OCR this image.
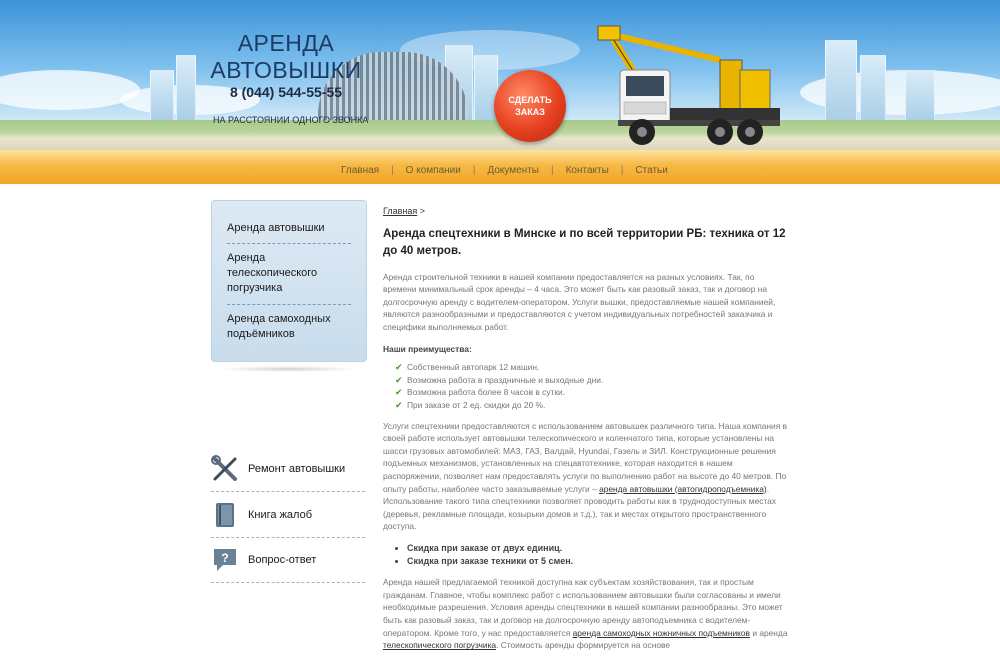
АРЕНДА
АВТОВЫШКИ
8 (044) 544-55-55
НА РАССТОЯНИИ ОДНОГО ЗВОНКА
СДЕЛАТЬ
ЗАКАЗ
Главная	|	О компании	|	Документы	|	Контакты	|	Статьи
Аренда автовышки
Аренда телескопического погрузчика
Аренда самоходных подъёмников
Ремонт автовышки
Книга жалоб
? Вопрос-ответ
Главная >
Аренда спецтехники в Минске и по всей территории РБ: техника от 12 до 40 метров.

Аренда строительной техники в нашей компании предоставляется на разных условиях. Так, по времени минимальный срок аренды – 4 часа. Это может быть как разовый заказ, так и договор на долгосрочную аренду с водителем-оператором. Услуги вышки, предоставляемые нашей компанией, являются разнообразными и предоставляются с учетом индивидуальных потребностей заказчика и специфики выполняемых работ.

Наши преимущества:
✔ Собственный автопарк 12 машин.
✔ Возможна работа в праздничные и выходные дни.
✔ Возможна работа более 8 часов в сутки.
✔ При заказе от 2 ед. скидки до 20 %.

Услуги спецтехники предоставляются с использованием автовышек различного типа. Наша компания в своей работе использует автовышки телескопического и коленчатого типа, которые установлены на шасси грузовых автомобилей: МАЗ, ГАЗ, Валдай, Hyundai, Газель и ЗИЛ. Конструкционные решения подъемных механизмов, установленных на спецавтотехнике, которая находится в нашем распоряжении, позволяет нам предоставлять услуги по выполнению работ на высоте до 40 метров. По опыту работы, наиболее часто заказываемые услуги – аренда автовышки (автогидроподъемника). Использование такого типа спецтехники позволяет проводить работы как в труднодоступных местах (деревья, рекламные площади, козырьки домов и т.д.), так и местах открытого пространственного доступа.

• Скидка при заказе от двух единиц.
• Скидка при заказе техники от 5 смен.

Аренда нашей предлагаемой техникой доступна как субъектам хозяйствования, так и простым гражданам. Главное, чтобы комплекс работ с использованием автовышки были согласованы и имели необходимые разрешения. Условия аренды спецтехники в нашей компании разнообразны. Это может быть как разовый заказ, так и договор на долгосрочную аренду автоподъемника с водителем-оператором. Кроме того, у нас предоставляется аренда самоходных ножничных подъемников и аренда телескопического погрузчика. Стоимость аренды формируется на основе
